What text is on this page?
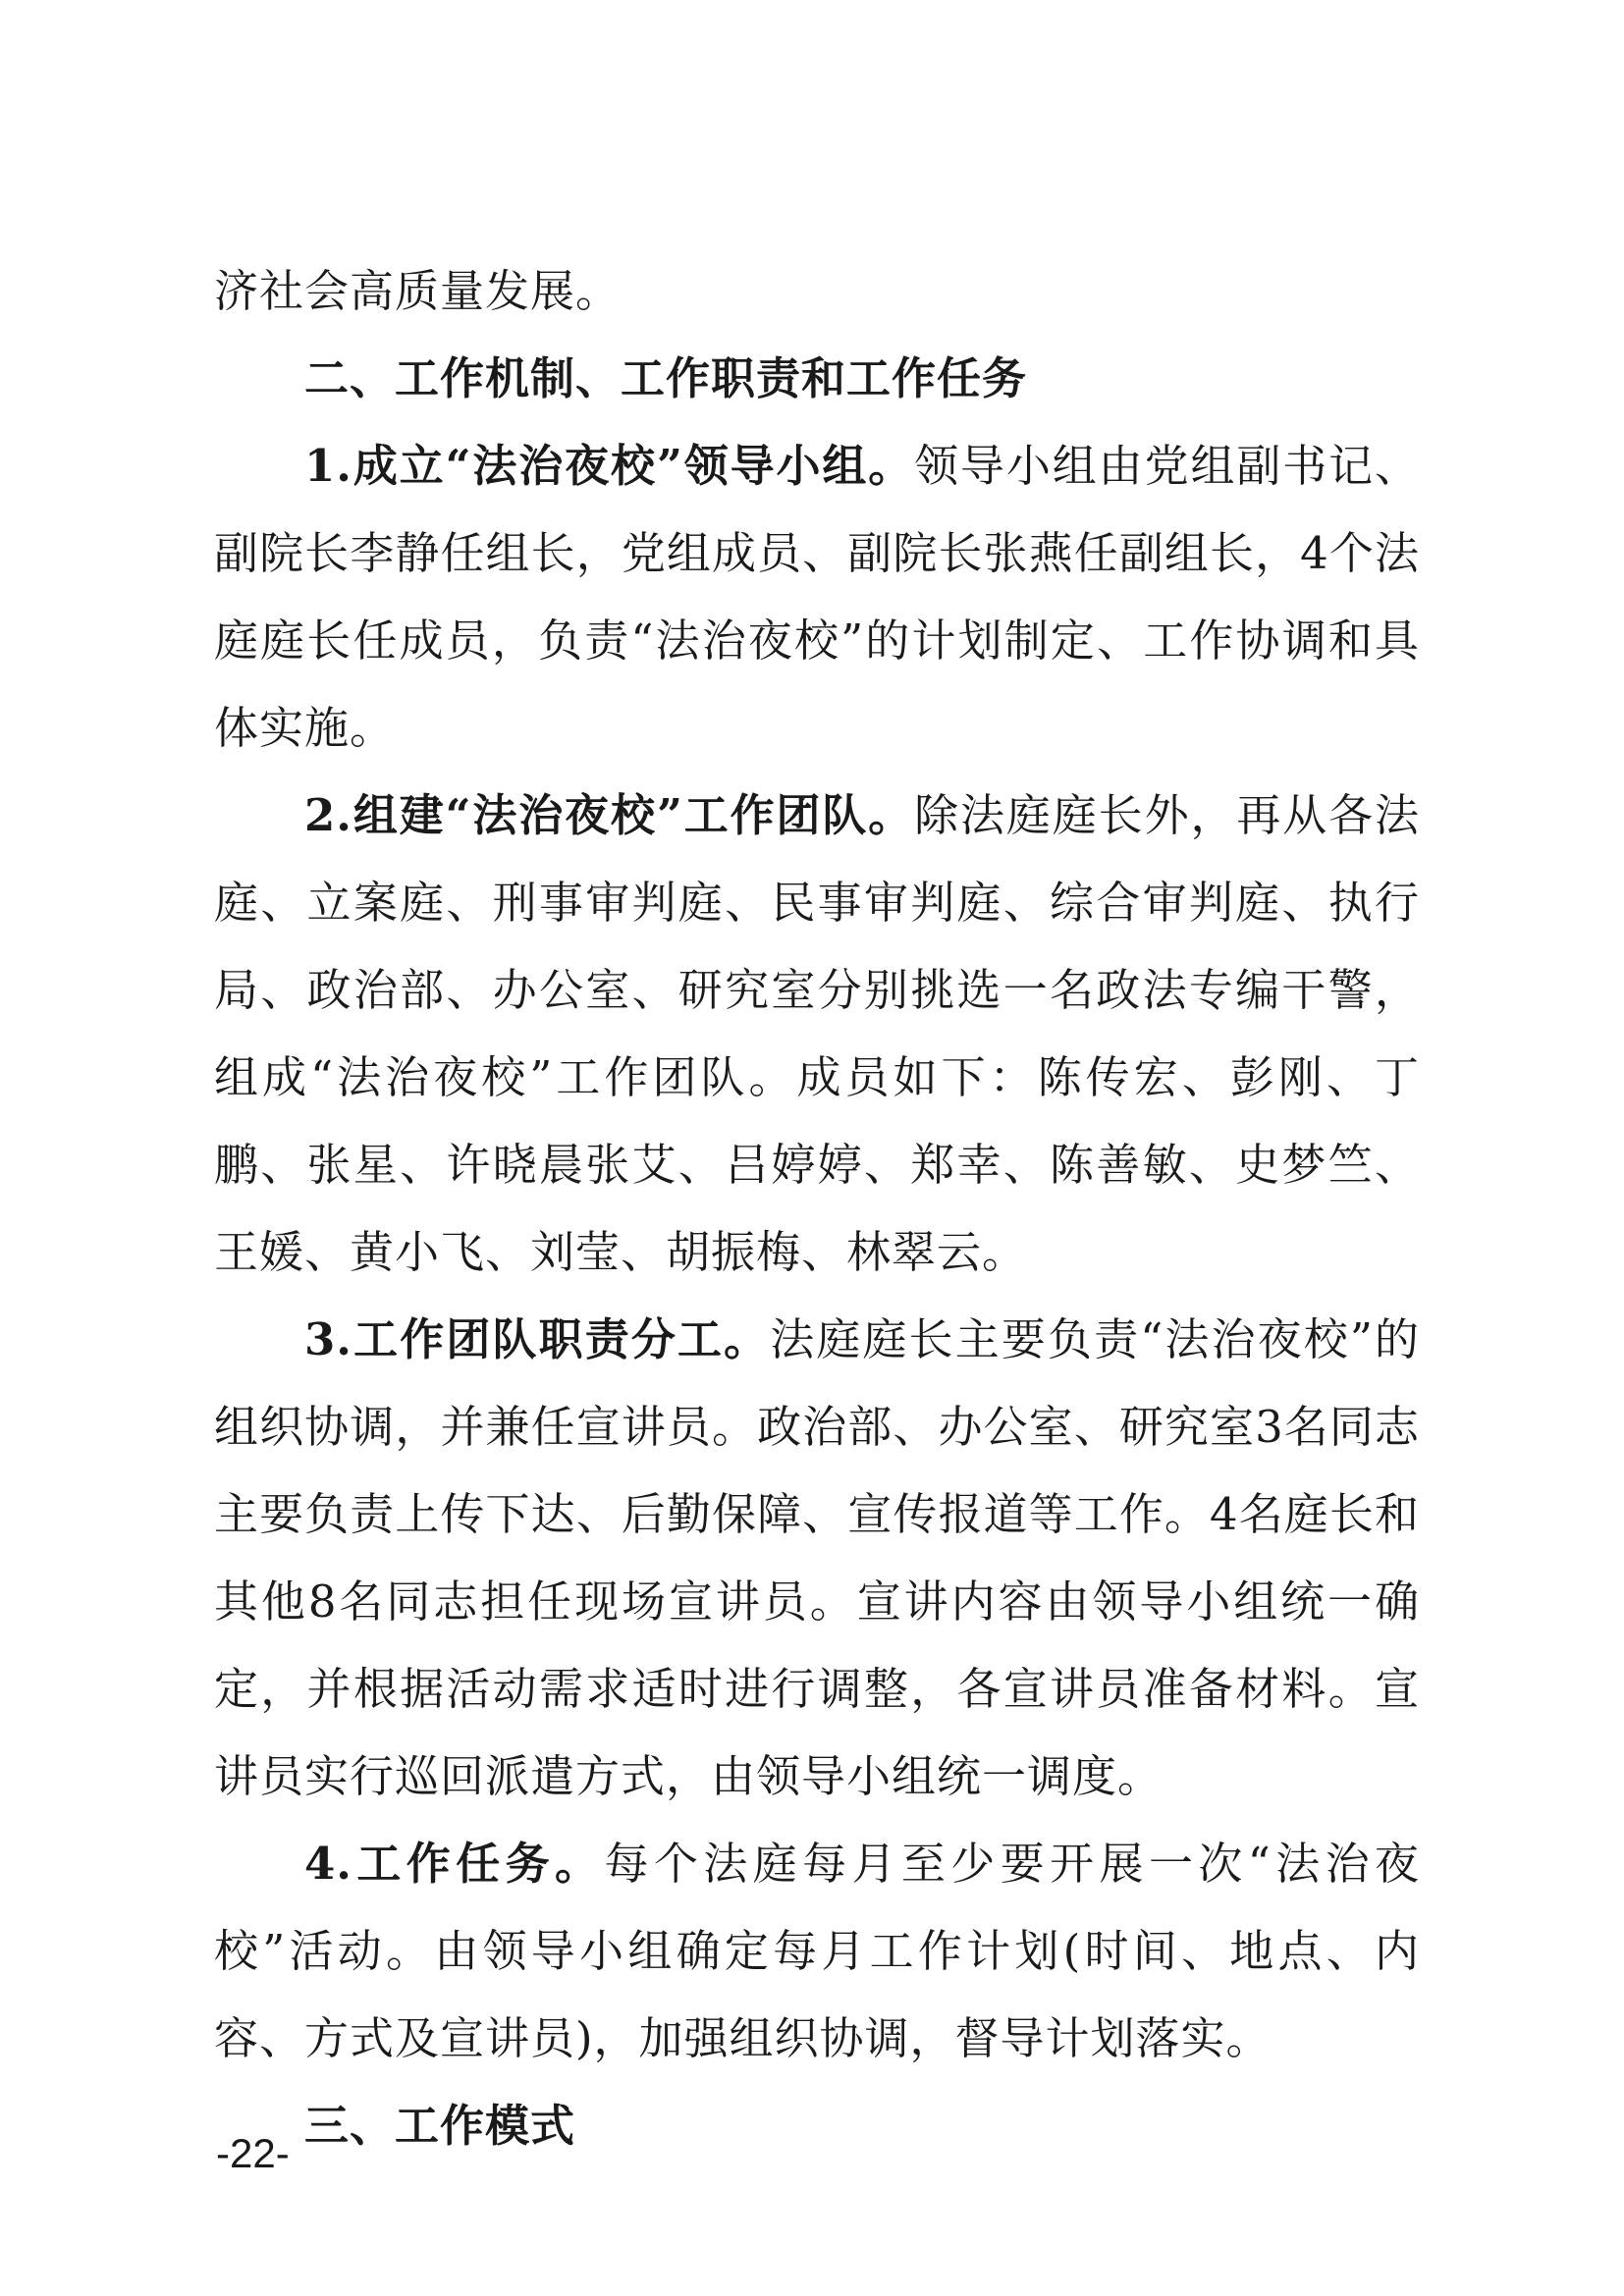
济社会高质量发展。

二、工作机制、工作职责和工作任务

1.成立“法治夜校”领导小组。领导小组由党组副书记、副院长李静任组长，党组成员、副院长张燕任副组长，4个法庭庭长任成员，负责“法治夜校”的计划制定、工作协调和具体实施。

2.组建“法治夜校”工作团队。除法庭庭长外，再从各法庭、立案庭、刑事审判庭、民事审判庭、综合审判庭、执行局、政治部、办公室、研究室分别挑选一名政法专编干警，组成“法治夜校”工作团队。成员如下：陈传宏、彭刚、丁鹏、张星、许晓晨张艾、吕婷婷、郑幸、陈善敏、史梦竺、王媛、黄小飞、刘莹、胡振梅、林翠云。

3.工作团队职责分工。法庭庭长主要负责“法治夜校”的组织协调，并兼任宣讲员。政治部、办公室、研究室3名同志主要负责上传下达、后勤保障、宣传报道等工作。4名庭长和其他8名同志担任现场宣讲员。宣讲内容由领导小组统一确定，并根据活动需求适时进行调整，各宣讲员准备材料。宣讲员实行巡回派遣方式，由领导小组统一调度。

4.工作任务。每个法庭每月至少要开展一次“法治夜校”活动。由领导小组确定每月工作计划(时间、地点、内容、方式及宣讲员)，加强组织协调，督导计划落实。

三、工作模式

-22-
